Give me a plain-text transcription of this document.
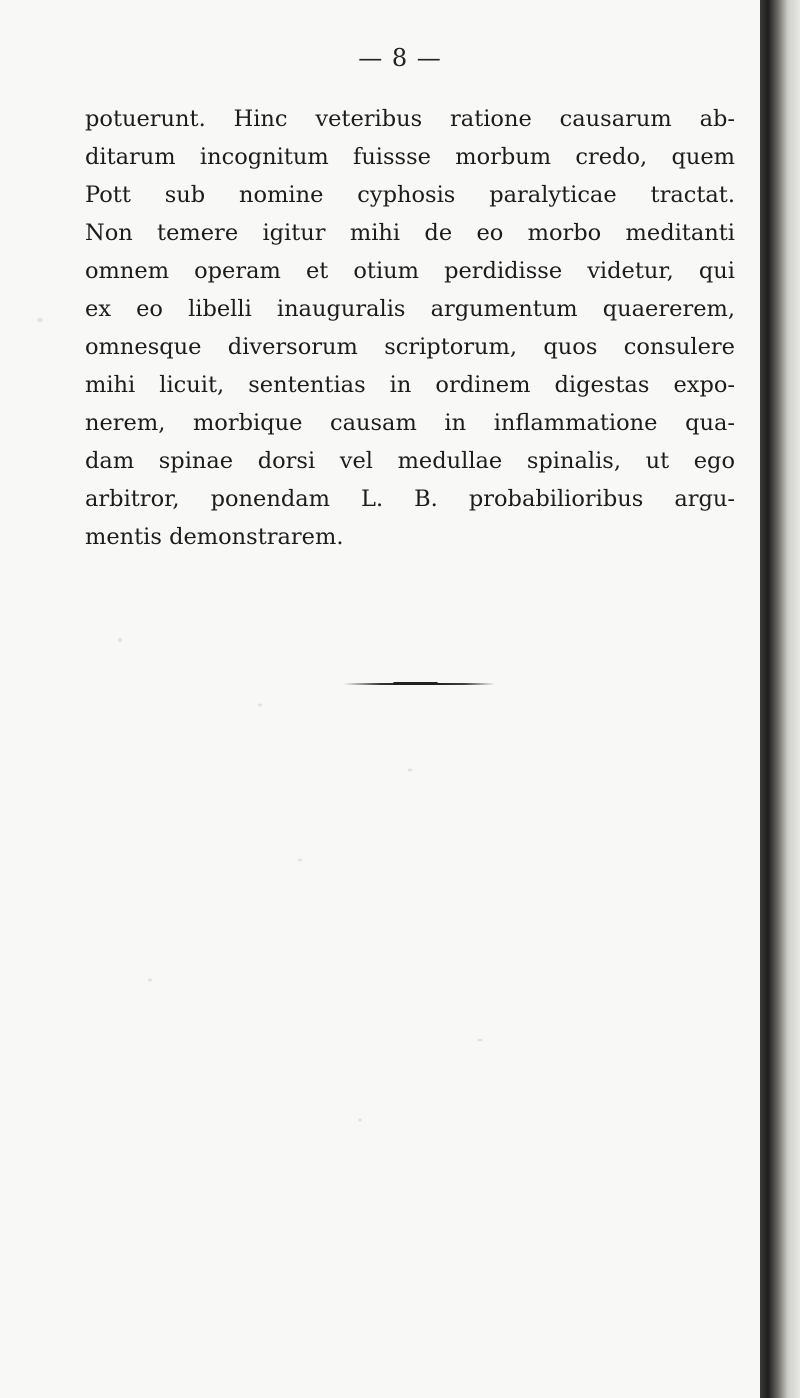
— 8 —
potuerunt. Hinc veteribus ratione causarum ab-
ditarum incognitum fuissse morbum credo, quem
Pott sub nomine cyphosis paralyticae tractat.
Non temere igitur mihi de eo morbo meditanti
omnem operam et otium perdidisse videtur, qui
ex eo libelli inauguralis argumentum quaererem,
omnesque diversorum scriptorum, quos consulere
mihi licuit, sententias in ordinem digestas expo-
nerem, morbique causam in inflammatione qua-
dam spinae dorsi vel medullae spinalis, ut ego
arbitror, ponendam L. B. probabilioribus argu-
mentis demonstrarem.
